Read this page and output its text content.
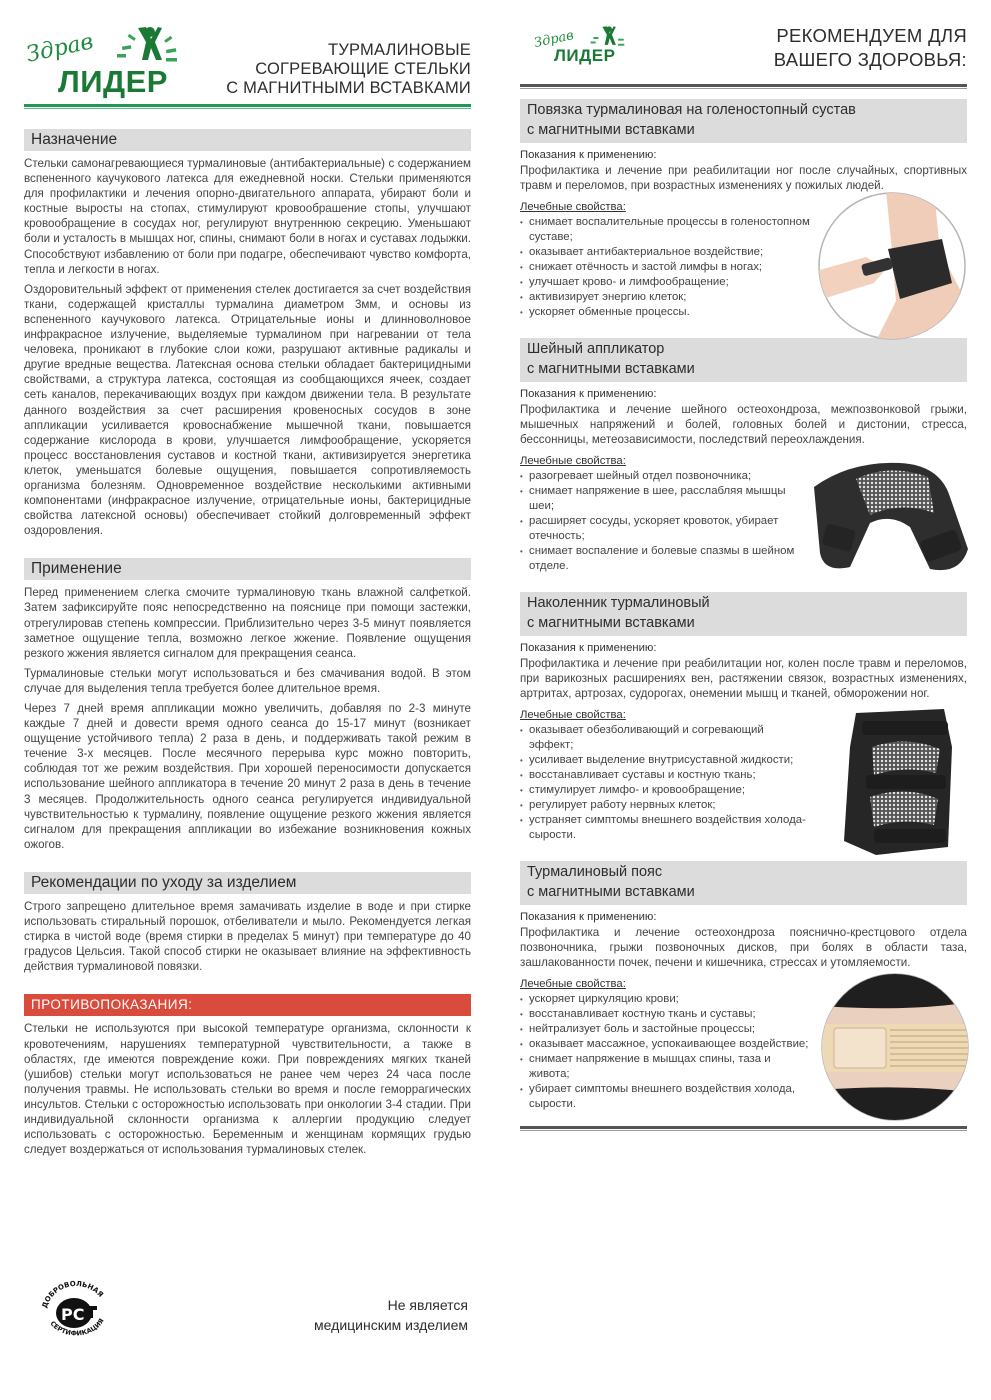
Здрав
ЛИДЕР
ТУРМАЛИНОВЫЕ
СОГРЕВАЮЩИЕ СТЕЛЬКИ
С МАГНИТНЫМИ ВСТАВКАМИ
Назначение

Стельки самонагревающиеся турмалиновые (антибактериальные) с содержанием вспененного каучукового латекса для ежедневной носки. Стельки применяются для профилактики и лечения опорно-двигательного аппарата, убирают боли и костные выросты на стопах, стимулируют кровообрашение стопы, улучшают кровообращение в сосудах ног, регулируют внутреннюю секрецию. Уменьшают боли и усталость в мышцах ног, спины, снимают боли в ногах и суставах лодыжки. Способствуют избавлению от боли при подагре, обеспечивают чувство комфорта, тепла и легкости в ногах.

Оздоровительный эффект от применения стелек достигается за счет воздействия ткани, содержащей кристаллы турмалина диаметром 3мм, и основы из вспененного каучукового латекса. Отрицательные ионы и длинноволновое инфракрасное излучение, выделяемые турмалином при нагревании от тела человека, проникают в глубокие слои кожи, разрушают активные радикалы и другие вредные вещества. Латексная основа стельки обладает бактерицидными свойствами, а структура латекса, состоящая из сообщающихся ячеек, создает сеть каналов, перекачивающих воздух при каждом движении тела. В результате данного воздействия за счет расширения кровеносных сосудов в зоне аппликации усиливается кровоснабжение мышечной ткани, повышается содержание кислорода в крови, улучшается лимфообращение, ускоряется процесс восстановления суставов и костной ткани, активизируется энергетика клеток, уменьшатся болевые ощущения, повышается сопротивляемость организма болезням. Одновременное воздействие несколькими активными компонентами (инфракрасное излучение, отрицательные ионы, бактерицидные свойства латексной основы) обеспечивает стойкий долговременный эффект оздоровления.

Применение

Перед применением слегка смочите турмалиновую ткань влажной салфеткой. Затем зафиксируйте пояс непосредственно на пояснице при помощи застежки, отрегулировав степень компрессии. Приблизительно через 3-5 минут появляется заметное ощущение тепла, возможно легкое жжение. Появление ощущения резкого жжения является сигналом для прекращения сеанса.

Турмалиновые стельки могут использоваться и без смачивания водой. В этом случае для выделения тепла требуется более длительное время.

Через 7 дней время аппликации можно увеличить, добавляя по 2-3 минуте каждые 7 дней и довести время одного сеанса до 15-17 минут (возникает ощущение устойчивого тепла) 2 раза в день, и поддерживать такой режим в течение 3-х месяцев. После месячного перерыва курс можно повторить, соблюдая тот же режим воздействия. При хорошей переносимости допускается использование шейного аппликатора в течение 20 минут 2 раза в день в течение 3 месяцев. Продолжительность одного сеанса регулируется индивидуальной чувствительностью к турмалину, появление ощущение резкого жжения является сигналом для прекращения аппликации во избежание возникновения кожных ожогов.

Рекомендации по уходу за изделием

Строго запрещено длительное время замачивать изделие в воде и при стирке использовать стиральный порошок, отбеливатели и мыло. Рекомендуется легкая стирка в чистой воде (время стирки в пределах 5 минут) при температуре до 40 градусов Цельсия. Такой способ стирки не оказывает влияние на эффективность действия турмалиновой повязки.

ПРОТИВОПОКАЗАНИЯ:

Стельки не используются при высокой температуре организма, склонности к кровотечениям, нарушениях температурной чувствительности, а также в областях, где имеются повреждение кожи. При повреждениях мягких тканей (ушибов) стельки могут использоваться не ранее чем через 24 часа после получения травмы. Не использовать стельки во время и после геморрагических инсультов. Стельки с осторожностью использовать при онкологии 3-4 стадии. При индивидуальной склонности организма к аллергии продукцию следует использовать с осторожностью. Беременным и женщинам кормящих грудью следует воздержаться от использования турмалиновых стелек.

ДОБРОВОЛЬНАЯ
СЕРТИФИКАЦИЯ
PC	Не является
медицинским изделием
Здрав
ЛИДЕР
РЕКОМЕНДУЕМ ДЛЯ
ВАШЕГО ЗДОРОВЬЯ:
Повязка турмалиновая на голеностопный сустав
с магнитными вставками
Показания к применению:
Профилактика и лечение при реабилитации ног после случайных, спортивных травм и переломов, при возрастных изменениях у пожилых людей.
Лечебные свойства:
• снимает воспалительные процессы в голеностопном суставе;
• оказывает антибактериальное воздействие;
• снижает отёчность и застой лимфы в ногах;
• улучшает крово- и лимфообращение;
• активизирует энергию клеток;
• ускоряет обменные процессы.
Шейный аппликатор
с магнитными вставками
Показания к применению:
Профилактика и лечение шейного остеохондроза, межпозвонковой грыжи, мышечных напряжений и болей, головных болей и дистонии, стресса, бессонницы, метеозависимости, последствий переохлаждения.
Лечебные свойства:
• разогревает шейный отдел позвоночника;
• снимает напряжение в шее, расслабляя мышцы шеи;
• расширяет сосуды, ускоряет кровоток, убирает отечность;
• снимает воспаление и болевые спазмы в шейном отделе.
Наколенник турмалиновый
с магнитными вставками
Показания к применению:
Профилактика и лечение при реабилитации ног, колен после травм и переломов, при варикозных расширениях вен, растяжении связок, возрастных изменениях, артритах, артрозах, судорогах, онемении мышц и тканей, обморожении ног.
Лечебные свойства:
• оказывает обезболивающий и согревающий эффект;
• усиливает выделение внутрисуставной жидкости;
• восстанавливает суставы и костную ткань;
• стимулирует лимфо- и кровообращение;
• регулирует работу нервных клеток;
• устраняет симптомы внешнего воздействия холода-сырости.
Турмалиновый пояс
с магнитными вставками
Показания к применению:
Профилактика и лечение остеохондроза пояснично-крестцового отдела позвоночника, грыжи позвоночных дисков, при болях в области таза, зашлакованности почек, печени и кишечника, стрессах и утомляемости.
Лечебные свойства:
• ускоряет циркуляцию крови;
• восстанавливает костную ткань и суставы;
• нейтрализует боль и застойные процессы;
• оказывает массажное, успокаивающее воздействие;
• снимает напряжение в мышцах спины, таза и живота;
• убирает симптомы внешнего воздействия холода, сырости.
